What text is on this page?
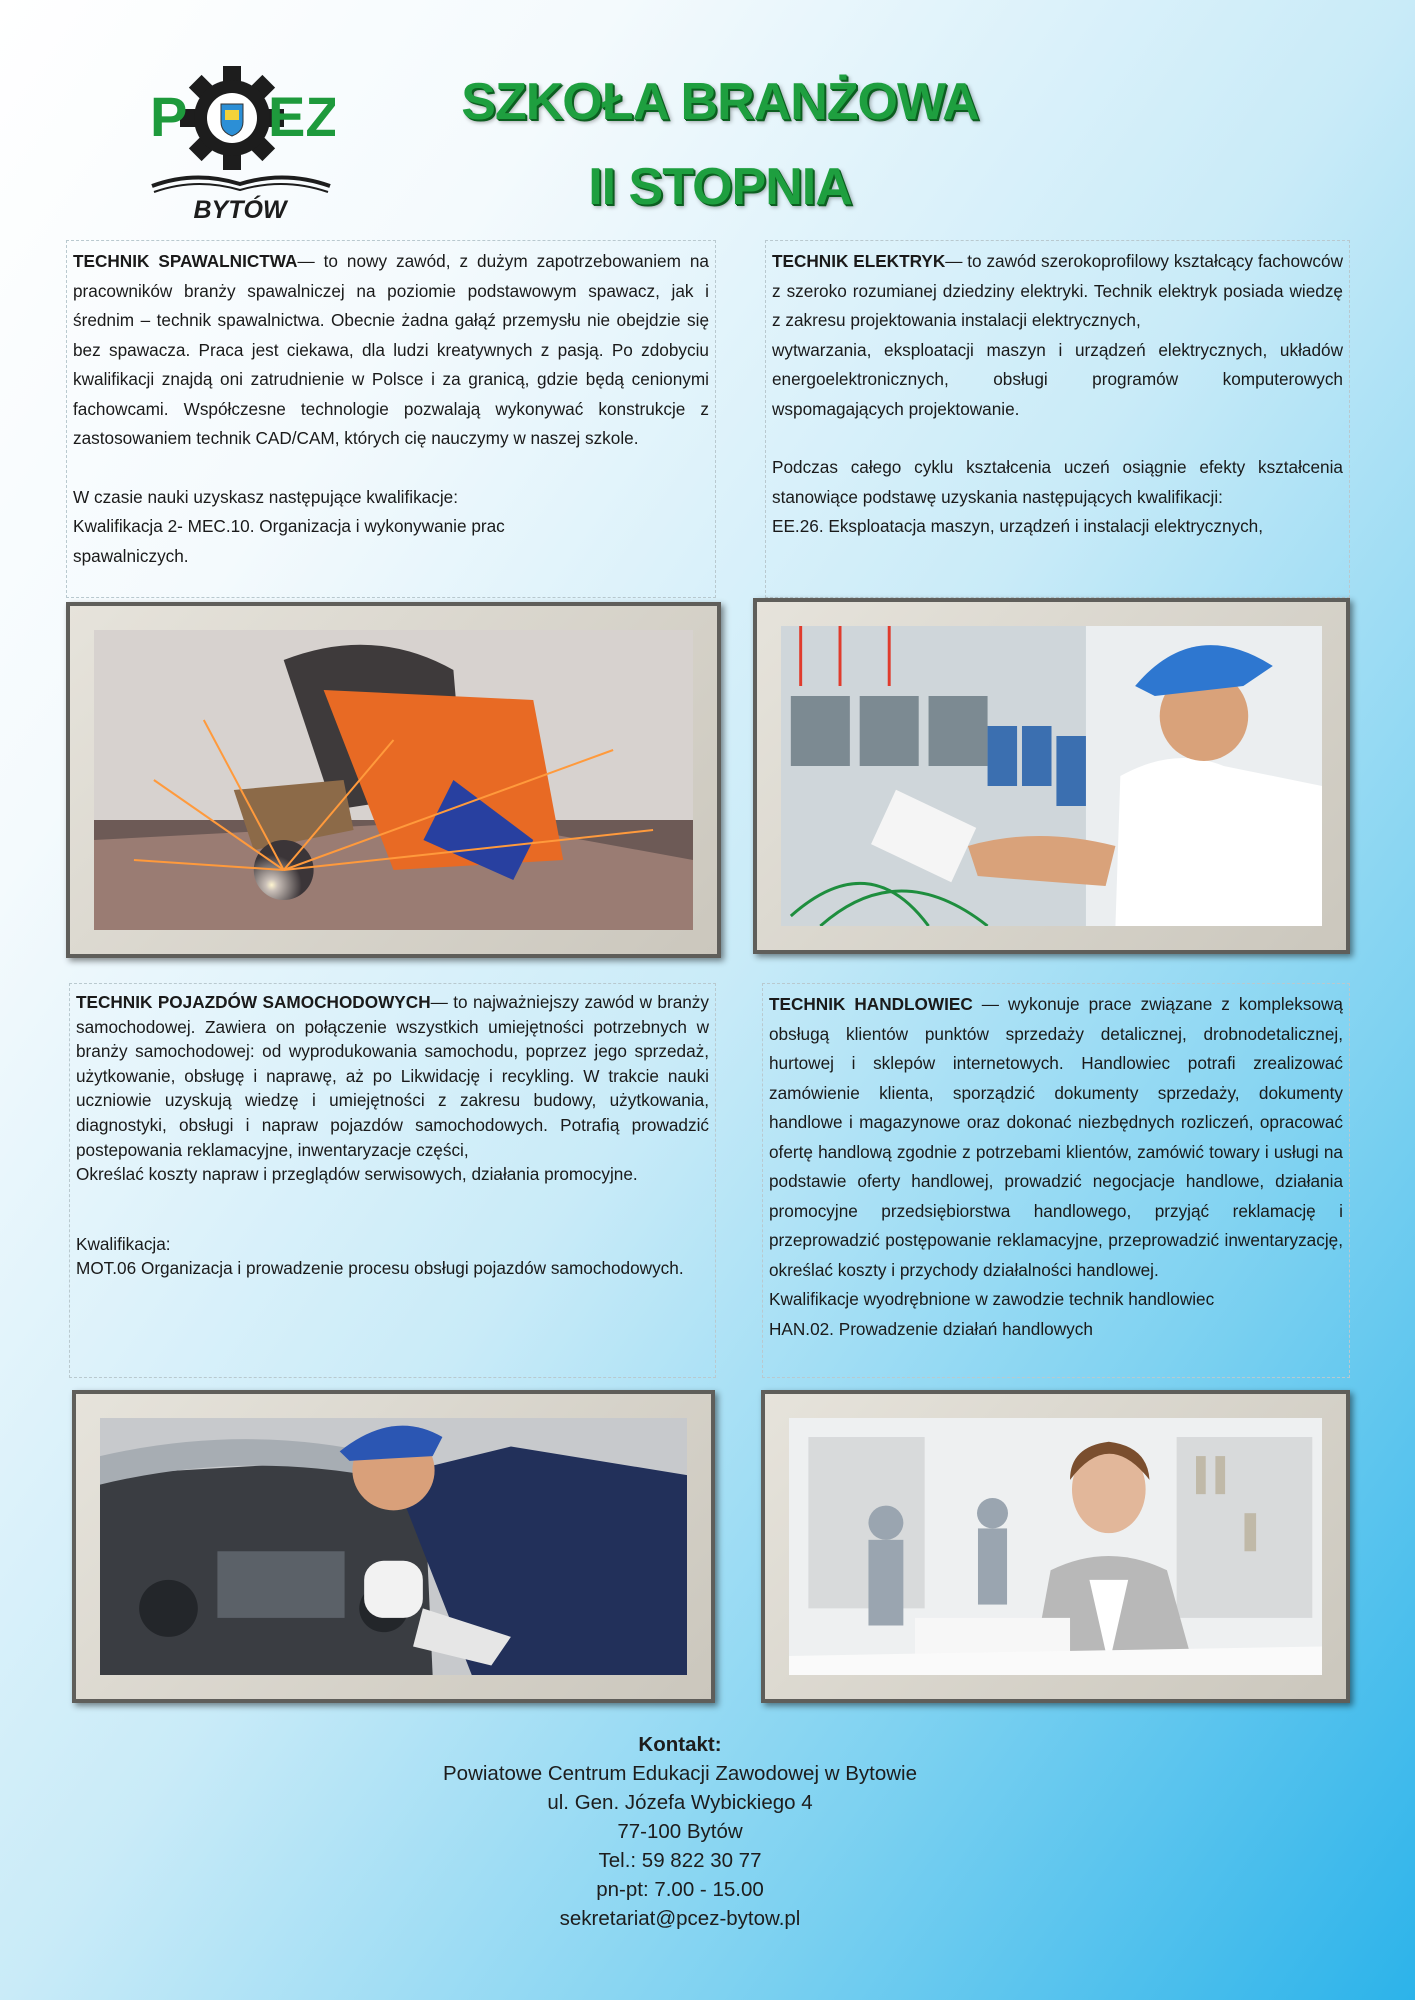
P EZ
BYTÓW
SZKOŁA BRANŻOWA
II STOPNIA

TECHNIK SPAWALNICTWA— to nowy zawód, z dużym zapotrzebowaniem na pracowników branży spawalniczej na poziomie podstawowym spawacz, jak i średnim – technik spawalnictwa. Obecnie żadna gałąź przemysłu nie obejdzie się bez spawacza. Praca jest ciekawa, dla ludzi kreatywnych z pasją. Po zdobyciu kwalifikacji znajdą oni zatrudnienie w Polsce i za granicą, gdzie będą cenionymi fachowcami. Współczesne technologie pozwalają wykonywać konstrukcje z zastosowaniem technik CAD/CAM, których cię nauczymy w naszej szkole.

W czasie nauki uzyskasz następujące kwalifikacje:

Kwalifikacja 2- MEC.10. Organizacja i wykonywanie prac spawalniczych.

TECHNIK ELEKTRYK— to zawód szerokoprofilowy kształcący fachowców z szeroko rozumianej dziedziny elektryki. Technik elektryk posiada wiedzę z zakresu projektowania instalacji elektrycznych,

wytwarzania, eksploatacji maszyn i urządzeń elektrycznych, układów energoelektronicznych, obsługi programów komputerowych wspomagających projektowanie.

Podczas całego cyklu kształcenia uczeń osiągnie efekty kształcenia stanowiące podstawę uzyskania następujących kwalifikacji:

EE.26. Eksploatacja maszyn, urządzeń i instalacji elektrycznych,

TECHNIK POJAZDÓW SAMOCHODOWYCH— to najważniejszy zawód w branży samochodowej. Zawiera on połączenie wszystkich umiejętności potrzebnych w branży samochodowej: od wyprodukowania samochodu, poprzez jego sprzedaż, użytkowanie, obsługę i naprawę, aż po Likwidację i recykling. W trakcie nauki uczniowie uzyskują wiedzę i umiejętności z zakresu budowy, użytkowania, diagnostyki, obsługi i napraw pojazdów samochodowych. Potrafią prowadzić postepowania reklamacyjne, inwentaryzacje części,

Określać koszty napraw i przeglądów serwisowych, działania promocyjne.

Kwalifikacja:

MOT.06 Organizacja i prowadzenie procesu obsługi pojazdów samochodowych.

TECHNIK HANDLOWIEC — wykonuje prace związane z kompleksową obsługą klientów punktów sprzedaży detalicznej, drobnodetalicznej, hurtowej i sklepów internetowych. Handlowiec potrafi zrealizować zamówienie klienta, sporządzić dokumenty sprzedaży, dokumenty handlowe i magazynowe oraz dokonać niezbędnych rozliczeń, opracować ofertę handlową zgodnie z potrzebami klientów, zamówić towary i usługi na podstawie oferty handlowej, prowadzić negocjacje handlowe, działania promocyjne przedsiębiorstwa handlowego, przyjąć reklamację i przeprowadzić postępowanie reklamacyjne, przeprowadzić inwentaryzację, określać koszty i przychody działalności handlowej.

Kwalifikacje wyodrębnione w zawodzie technik handlowiec

HAN.02. Prowadzenie działań handlowych

Kontakt:
Powiatowe Centrum Edukacji Zawodowej w Bytowie
ul. Gen. Józefa Wybickiego 4
77-100 Bytów
Tel.: 59 822 30 77
pn-pt: 7.00 - 15.00
sekretariat@pcez-bytow.pl
